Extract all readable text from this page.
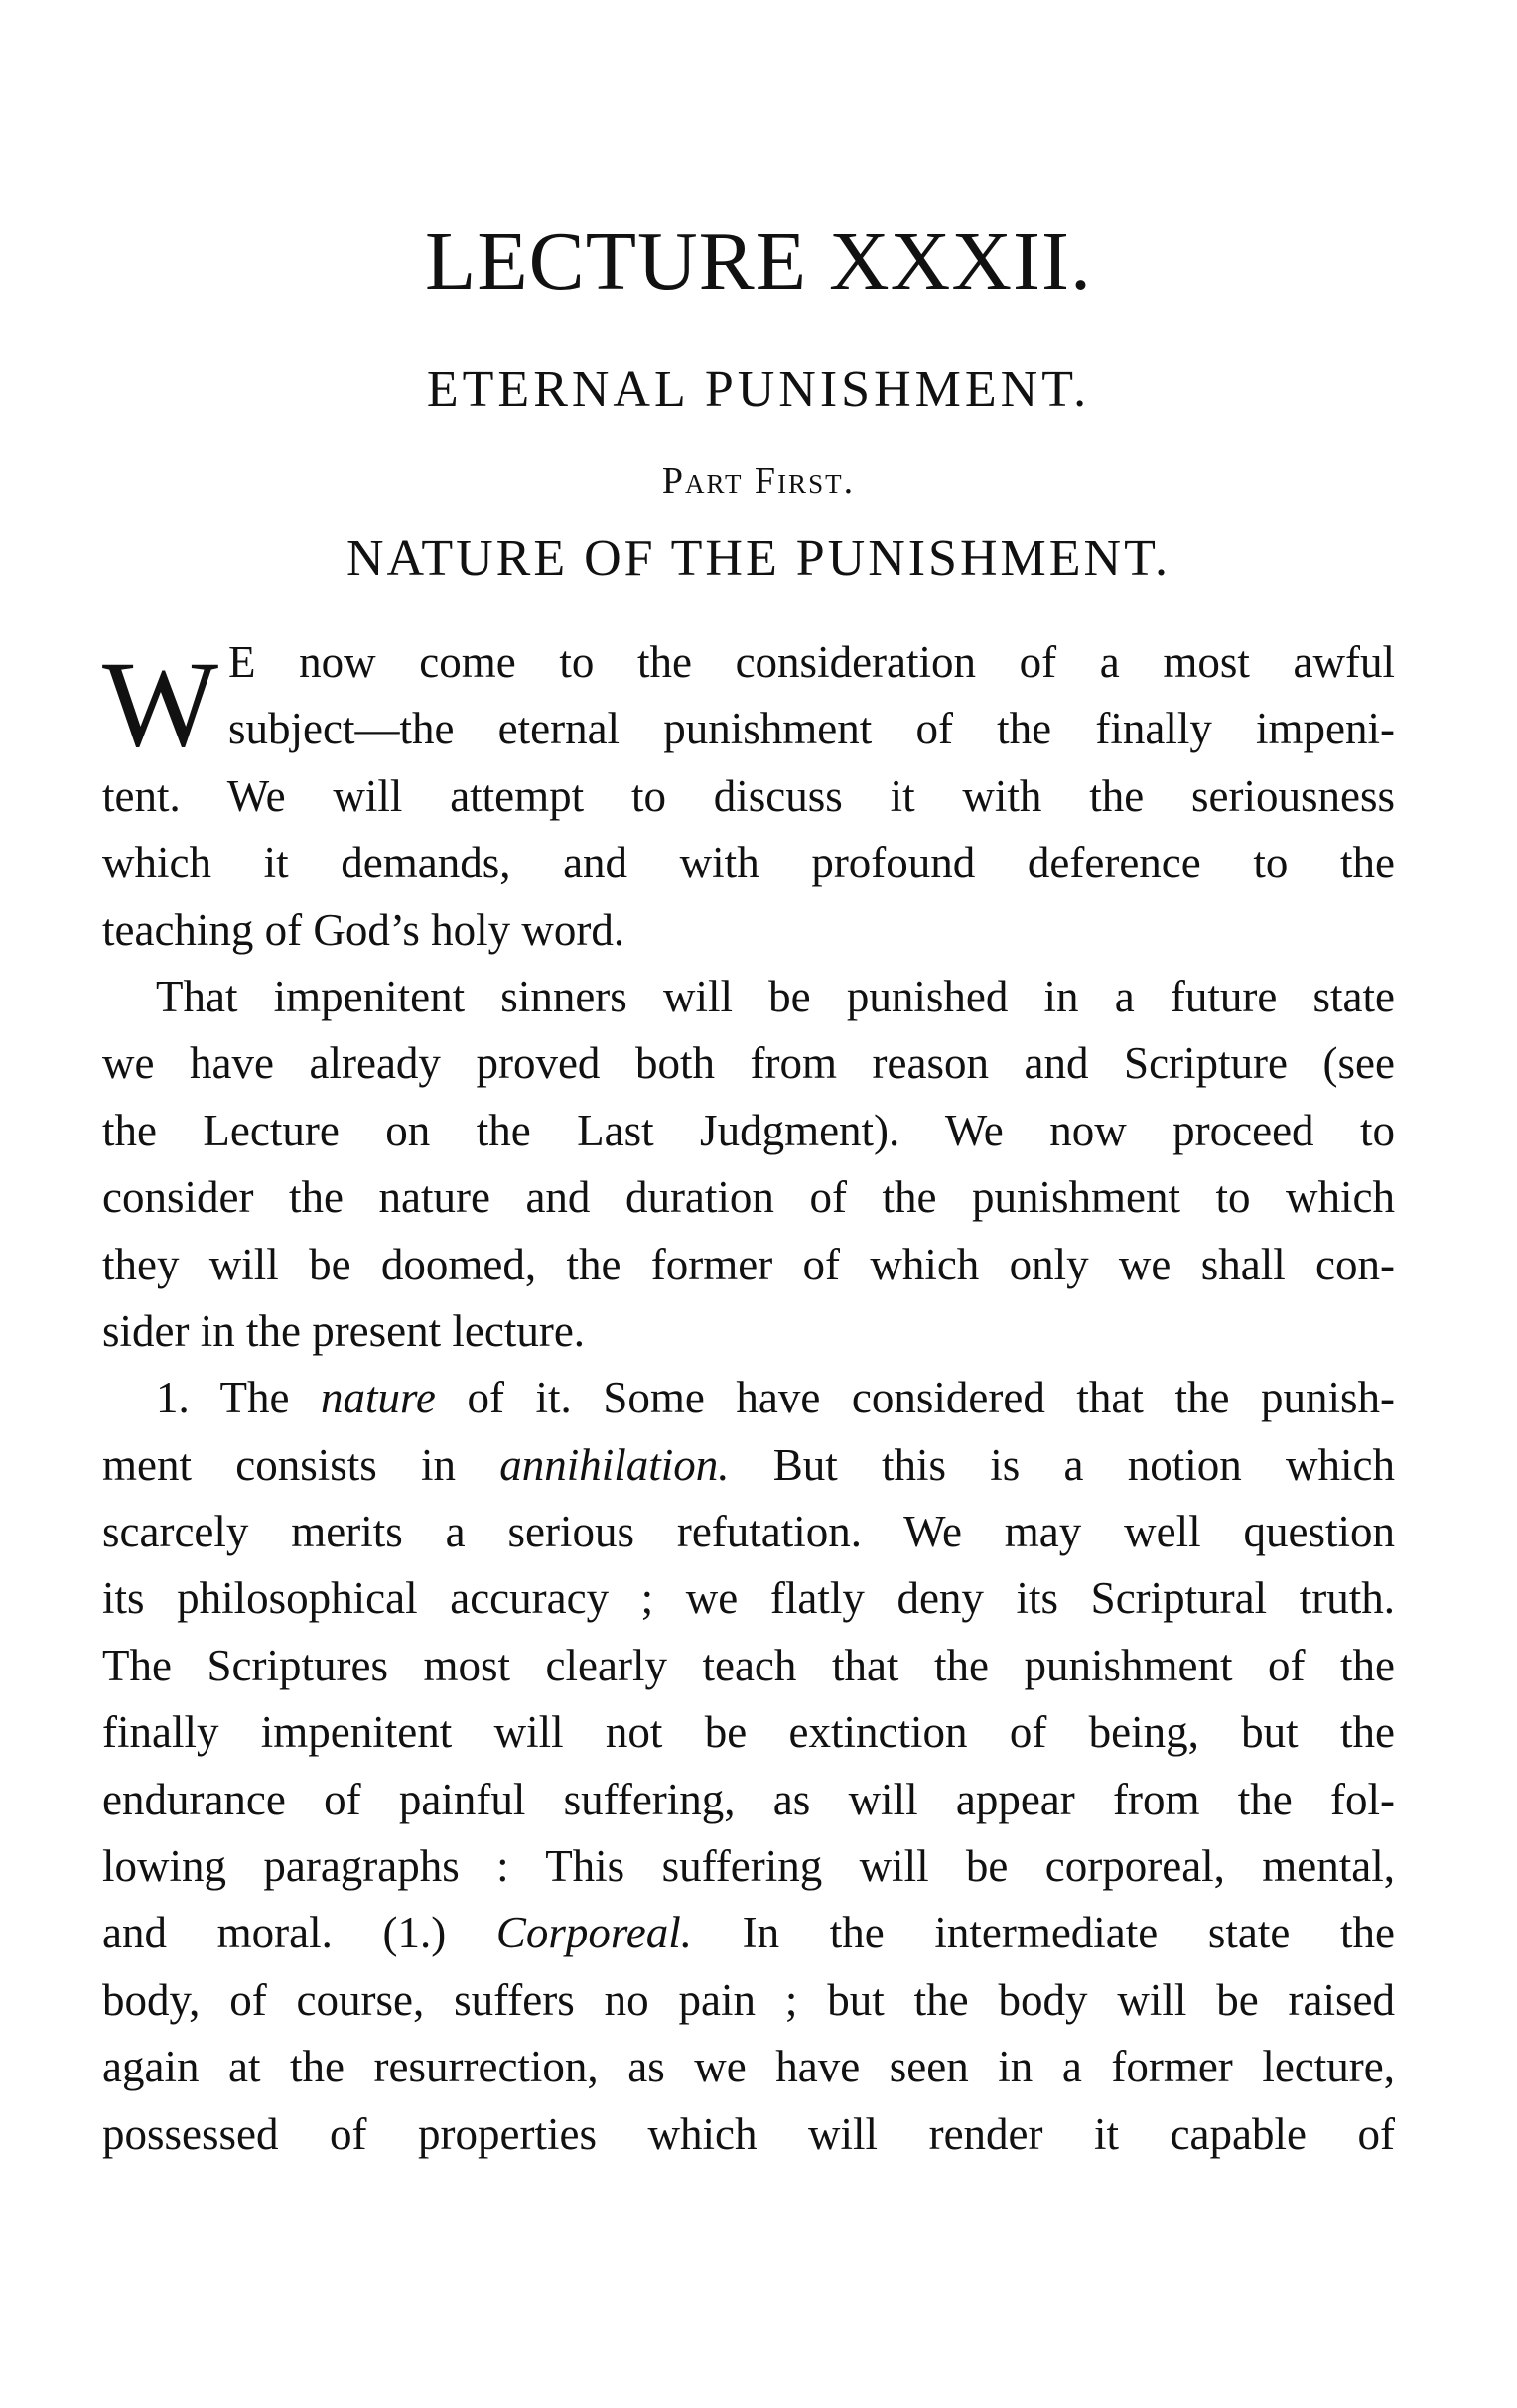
LECTURE XXXII.
ETERNAL PUNISHMENT.
Part First.
NATURE OF THE PUNISHMENT.
W E now come to the consideration of a most awful
subject—the eternal punishment of the finally impeni-
tent. We will attempt to discuss it with the seriousness
which it demands, and with profound deference to the
teaching of God’s holy word.
That impenitent sinners will be punished in a future state
we have already proved both from reason and Scripture (see
the Lecture on the Last Judgment). We now proceed to
consider the nature and duration of the punishment to which
they will be doomed, the former of which only we shall con-
sider in the present lecture.
1. The nature of it. Some have considered that the punish-
ment consists in annihilation. But this is a notion which
scarcely merits a serious refutation. We may well question
its philosophical accuracy ; we flatly deny its Scriptural truth.
The Scriptures most clearly teach that the punishment of the
finally impenitent will not be extinction of being, but the
endurance of painful suffering, as will appear from the fol-
lowing paragraphs : This suffering will be corporeal, mental,
and moral. (1.) Corporeal. In the intermediate state the
body, of course, suffers no pain ; but the body will be raised
again at the resurrection, as we have seen in a former lecture,
possessed of properties which will render it capable of
